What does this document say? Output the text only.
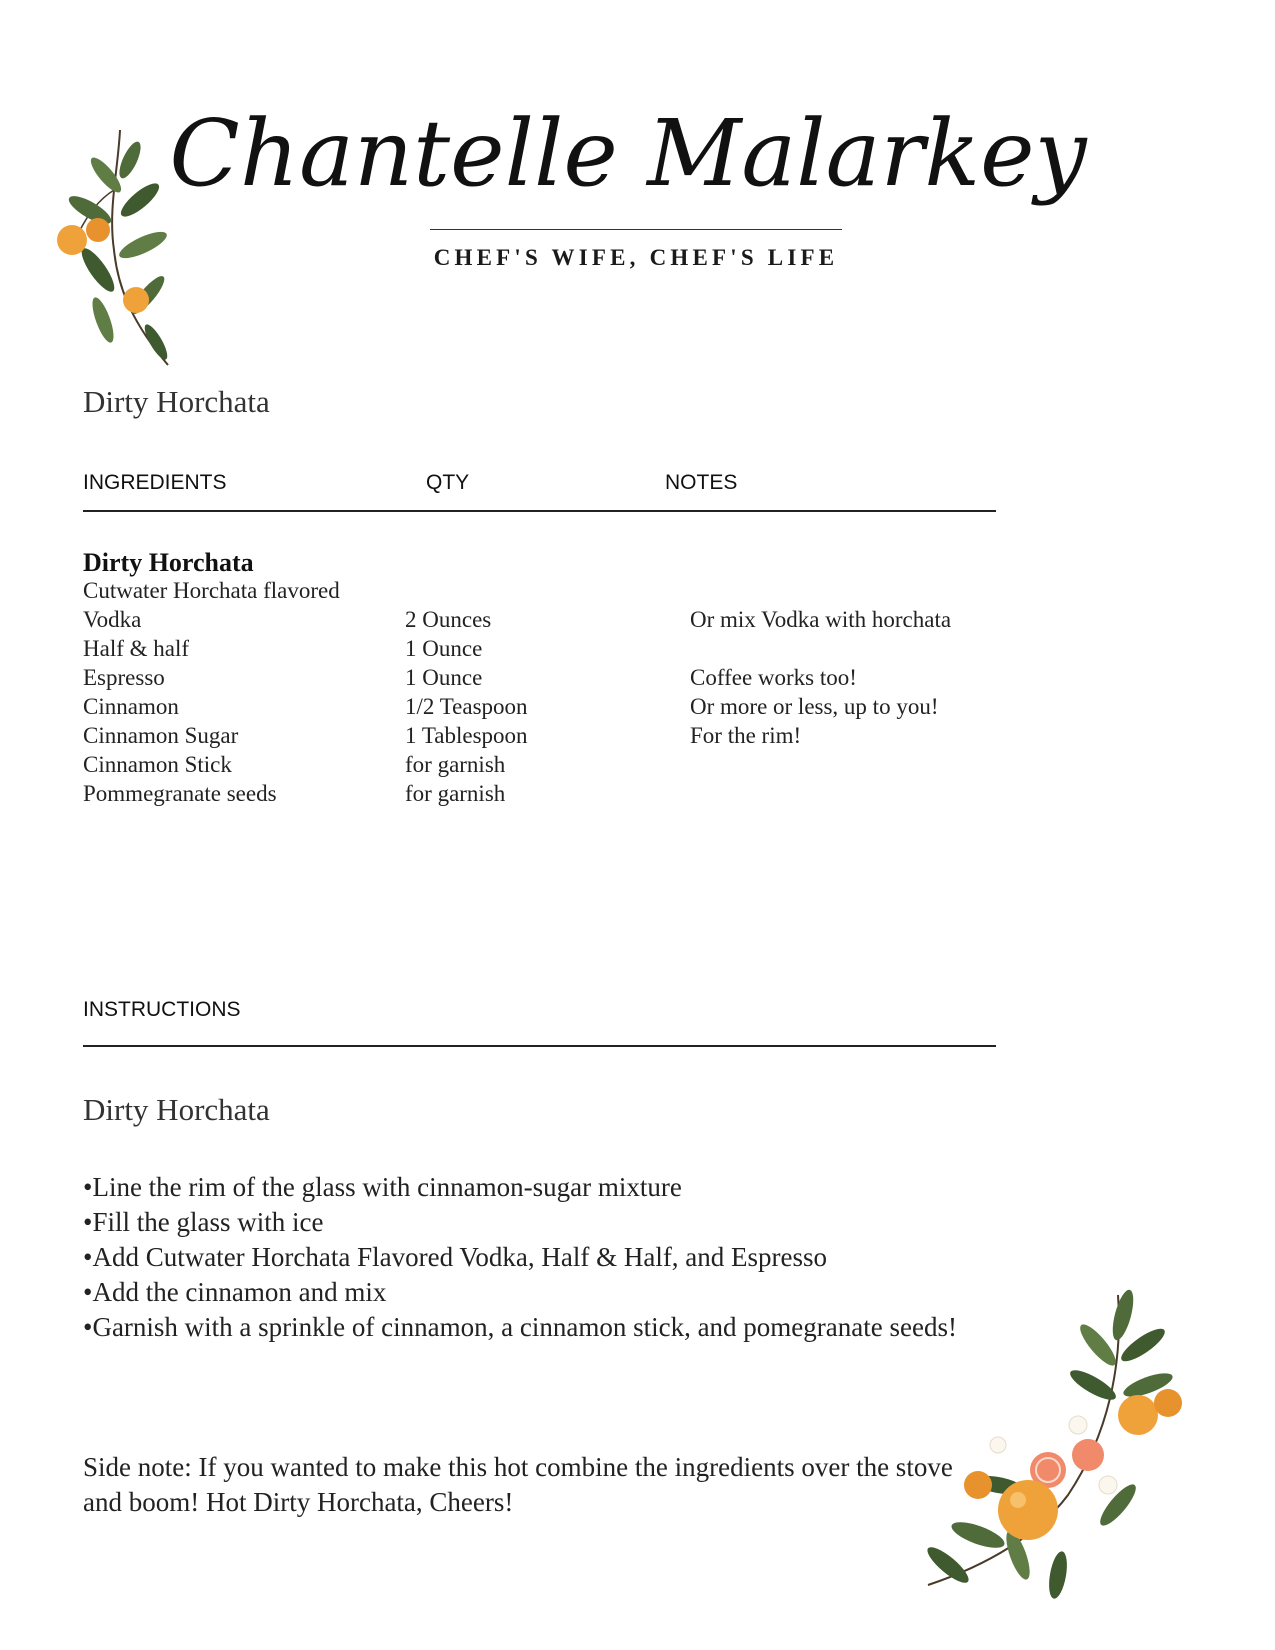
Chantelle Malarkey
CHEF'S WIFE, CHEF'S LIFE
Dirty Horchata
INGREDIENTS	QTY	NOTES
Dirty Horchata
Cutwater Horchata flavored
Vodka	2 Ounces	Or mix Vodka with horchata
Half & half	1 Ounce
Espresso	1 Ounce	Coffee works too!
Cinnamon	1/2 Teaspoon	Or more or less, up to you!
Cinnamon Sugar	1 Tablespoon	For the rim!
Cinnamon Stick	for garnish
Pommegranate seeds	for garnish
INSTRUCTIONS
Dirty Horchata
• Line the rim of the glass with cinnamon-sugar mixture
• Fill the glass with ice
• Add Cutwater Horchata Flavored Vodka, Half & Half, and Espresso
• Add the cinnamon and mix
• Garnish with a sprinkle of cinnamon, a cinnamon stick, and pomegranate seeds!
Side note: If you wanted to make this hot combine the ingredients over the stove and boom! Hot Dirty Horchata, Cheers!
